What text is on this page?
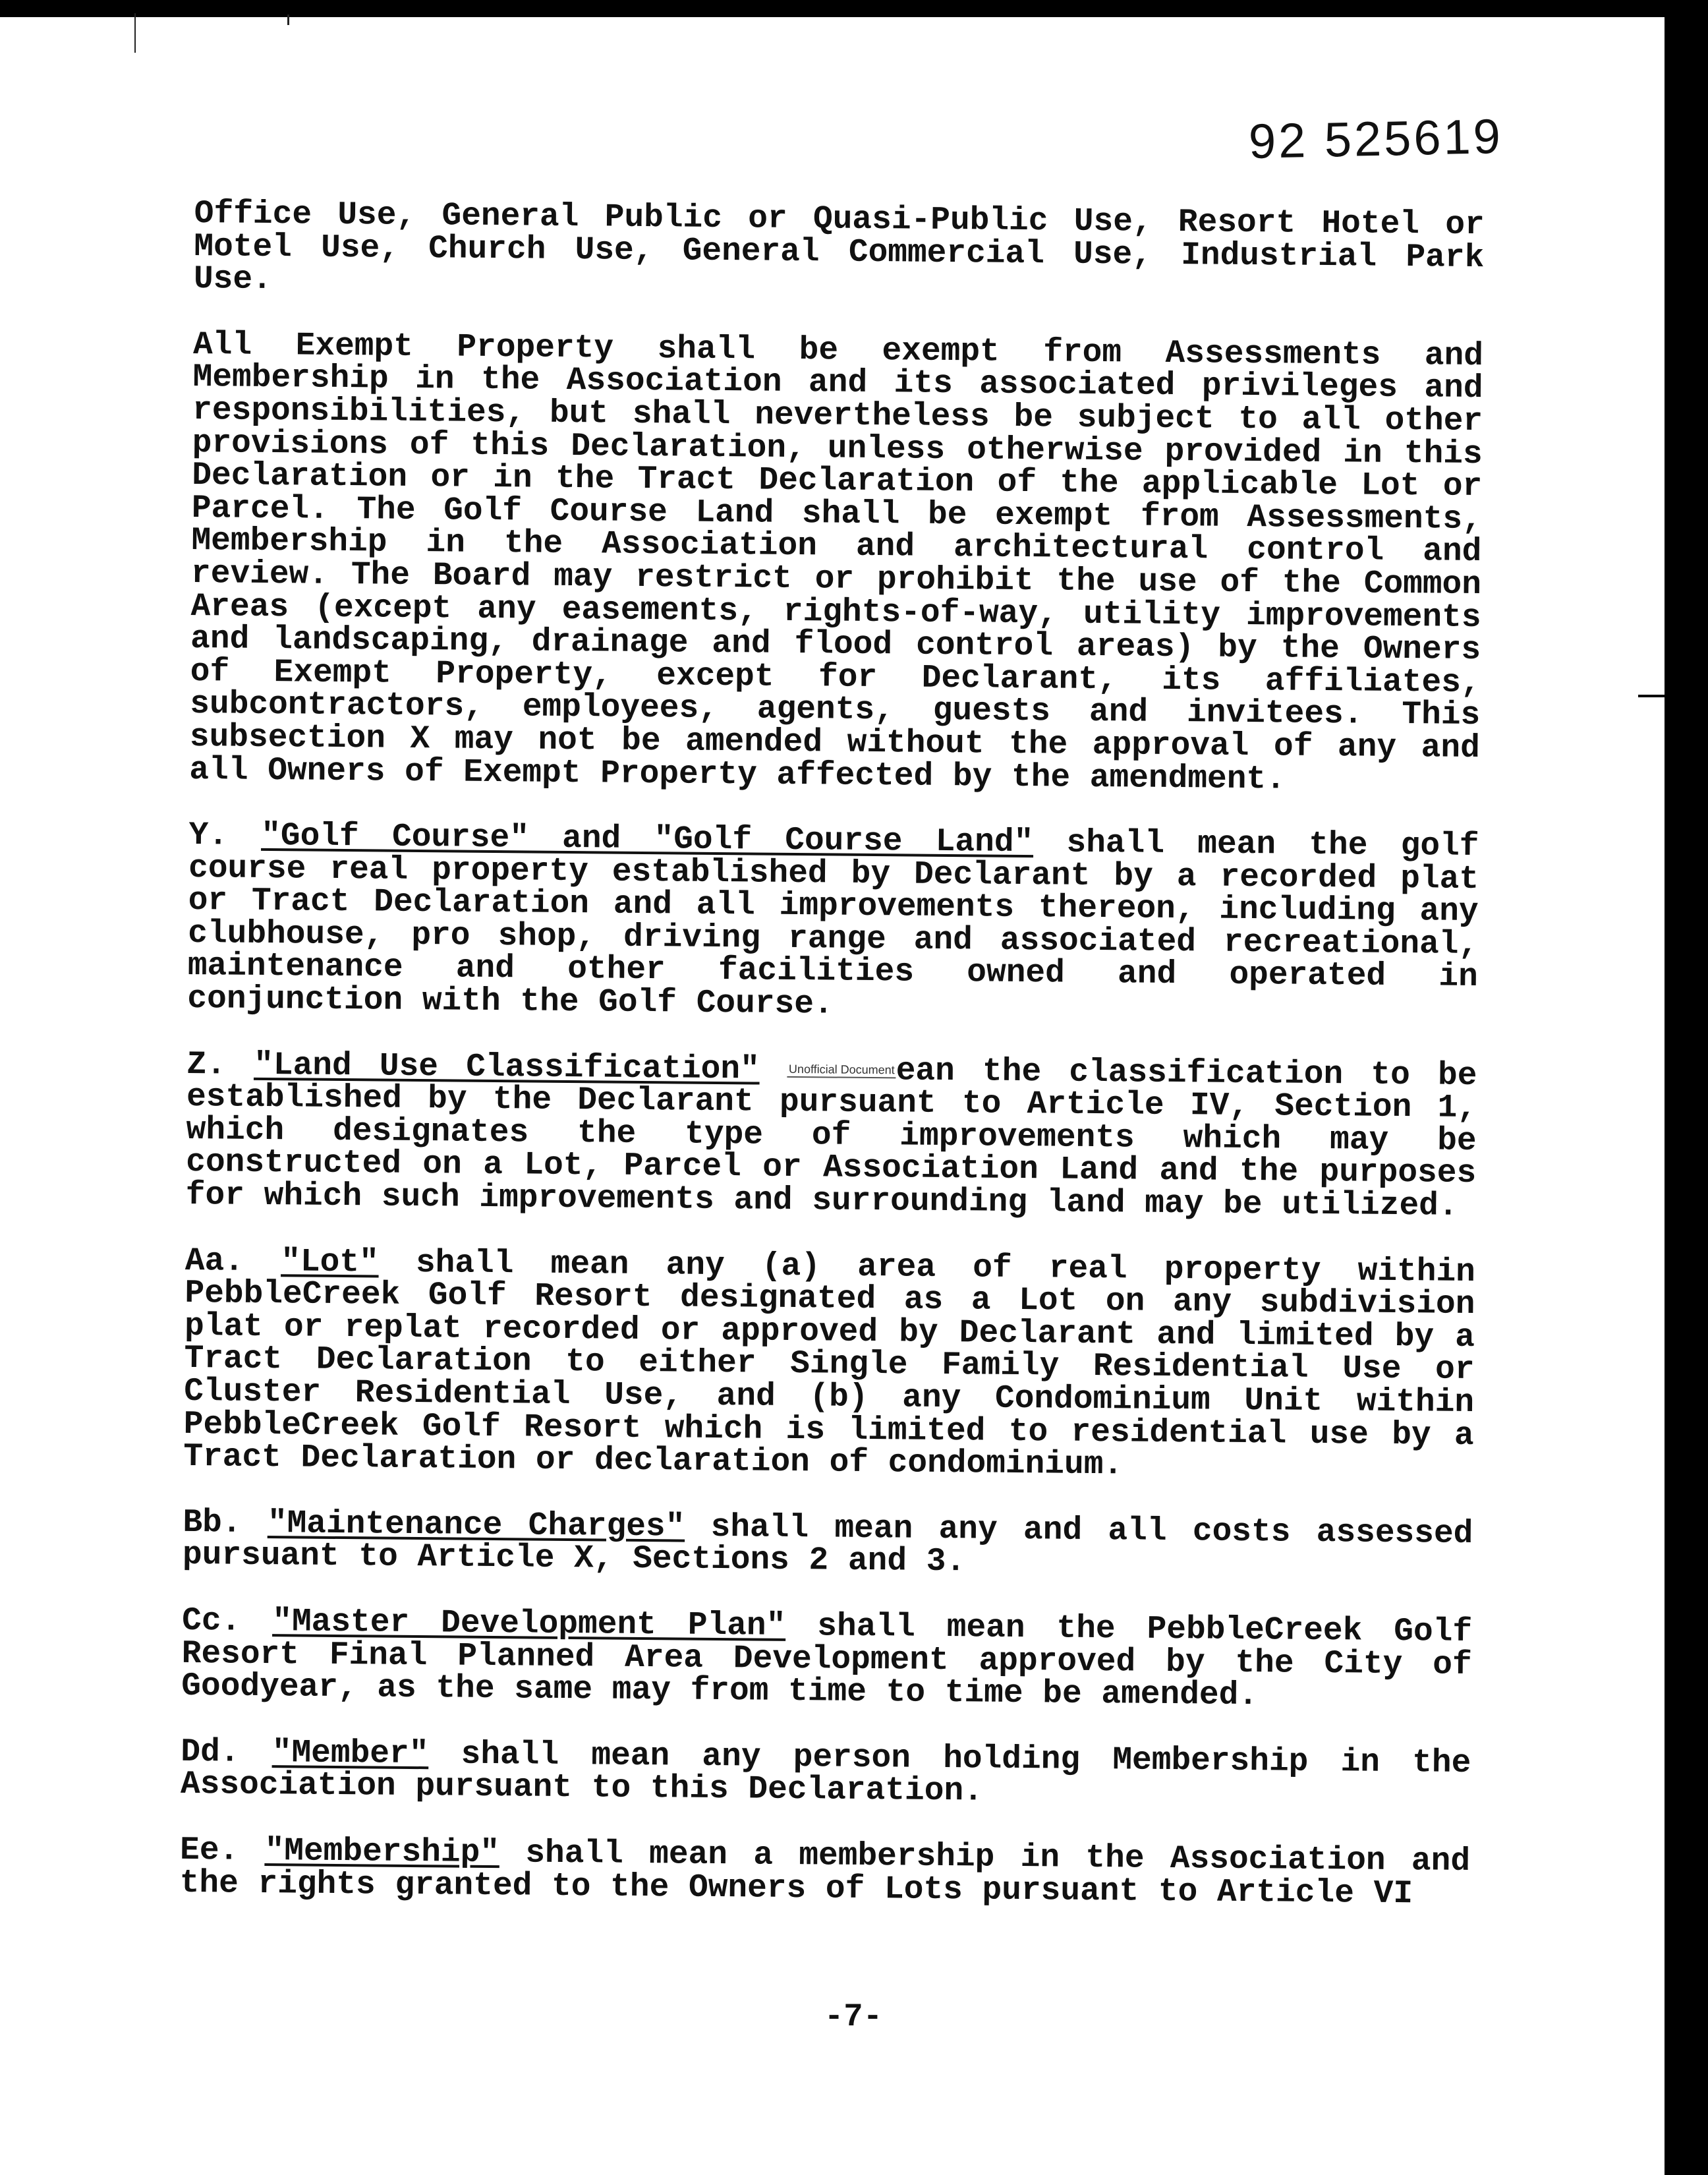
92 525619

Office Use, General Public or Quasi-Public Use, Resort Hotel or Motel Use, Church Use, General Commercial Use, Industrial Park Use.

All Exempt Property shall be exempt from Assessments and Membership in the Association and its associated privileges and responsibilities, but shall nevertheless be subject to all other provisions of this Declaration, unless otherwise provided in this Declaration or in the Tract Declaration of the applicable Lot or Parcel. The Golf Course Land shall be exempt from Assessments, Membership in the Association and architectural control and review. The Board may restrict or prohibit the use of the Common Areas (except any easements, rights-of-way, utility improvements and landscaping, drainage and flood control areas) by the Owners of Exempt Property, except for Declarant, its affiliates, subcontractors, employees, agents, guests and invitees. This subsection X may not be amended without the approval of any and all Owners of Exempt Property affected by the amendment.

Y. "Golf Course" and "Golf Course Land" shall mean the golf course real property established by Declarant by a recorded plat or Tract Declaration and all improvements thereon, including any clubhouse, pro shop, driving range and associated recreational, maintenance and other facilities owned and operated in conjunction with the Golf Course.

Z. "Land Use Classification" Unofficial Documentean the classification to be established by the Declarant pursuant to Article IV, Section 1, which designates the type of improvements which may be constructed on a Lot, Parcel or Association Land and the purposes for which such improvements and surrounding land may be utilized.

Aa. "Lot" shall mean any (a) area of real property within PebbleCreek Golf Resort designated as a Lot on any subdivision plat or replat recorded or approved by Declarant and limited by a Tract Declaration to either Single Family Residential Use or Cluster Residential Use, and (b) any Condominium Unit within PebbleCreek Golf Resort which is limited to residential use by a Tract Declaration or declaration of condominium.

Bb. "Maintenance Charges" shall mean any and all costs assessed pursuant to Article X, Sections 2 and 3.

Cc. "Master Development Plan" shall mean the PebbleCreek Golf Resort Final Planned Area Development approved by the City of Goodyear, as the same may from time to time be amended.

Dd. "Member" shall mean any person holding Membership in the Association pursuant to this Declaration.

Ee. "Membership" shall mean a membership in the Association and the rights granted to the Owners of Lots pursuant to Article VI

-7-
